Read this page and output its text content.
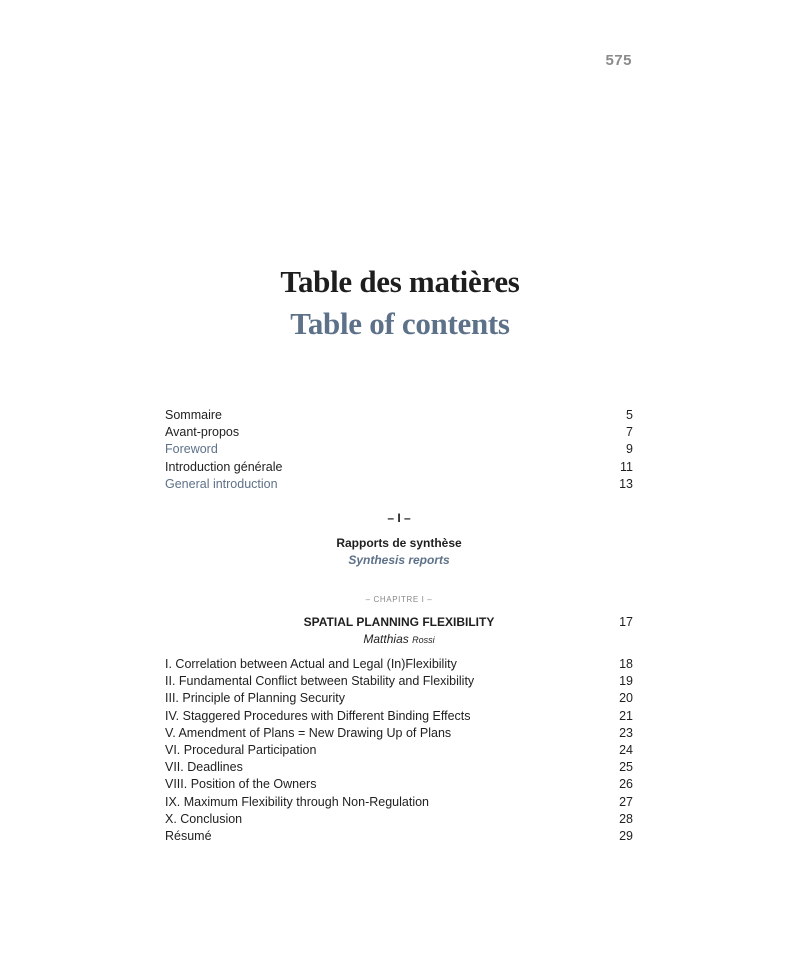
575
Table des matières
Table of contents
Sommaire	5
Avant-propos	7
Foreword	9
Introduction générale	11
General introduction	13
– I –
Rapports de synthèse
Synthesis reports
– CHAPITRE I –
SPATIAL PLANNING FLEXIBILITY	17
Matthias Rossi
I. Correlation between Actual and Legal (In)Flexibility	18
II. Fundamental Conflict between Stability and Flexibility	19
III. Principle of Planning Security	20
IV. Staggered Procedures with Different Binding Effects	21
V. Amendment of Plans = New Drawing Up of Plans	23
VI. Procedural Participation	24
VII. Deadlines	25
VIII. Position of the Owners	26
IX. Maximum Flexibility through Non-Regulation	27
X. Conclusion	28
Résumé	29
